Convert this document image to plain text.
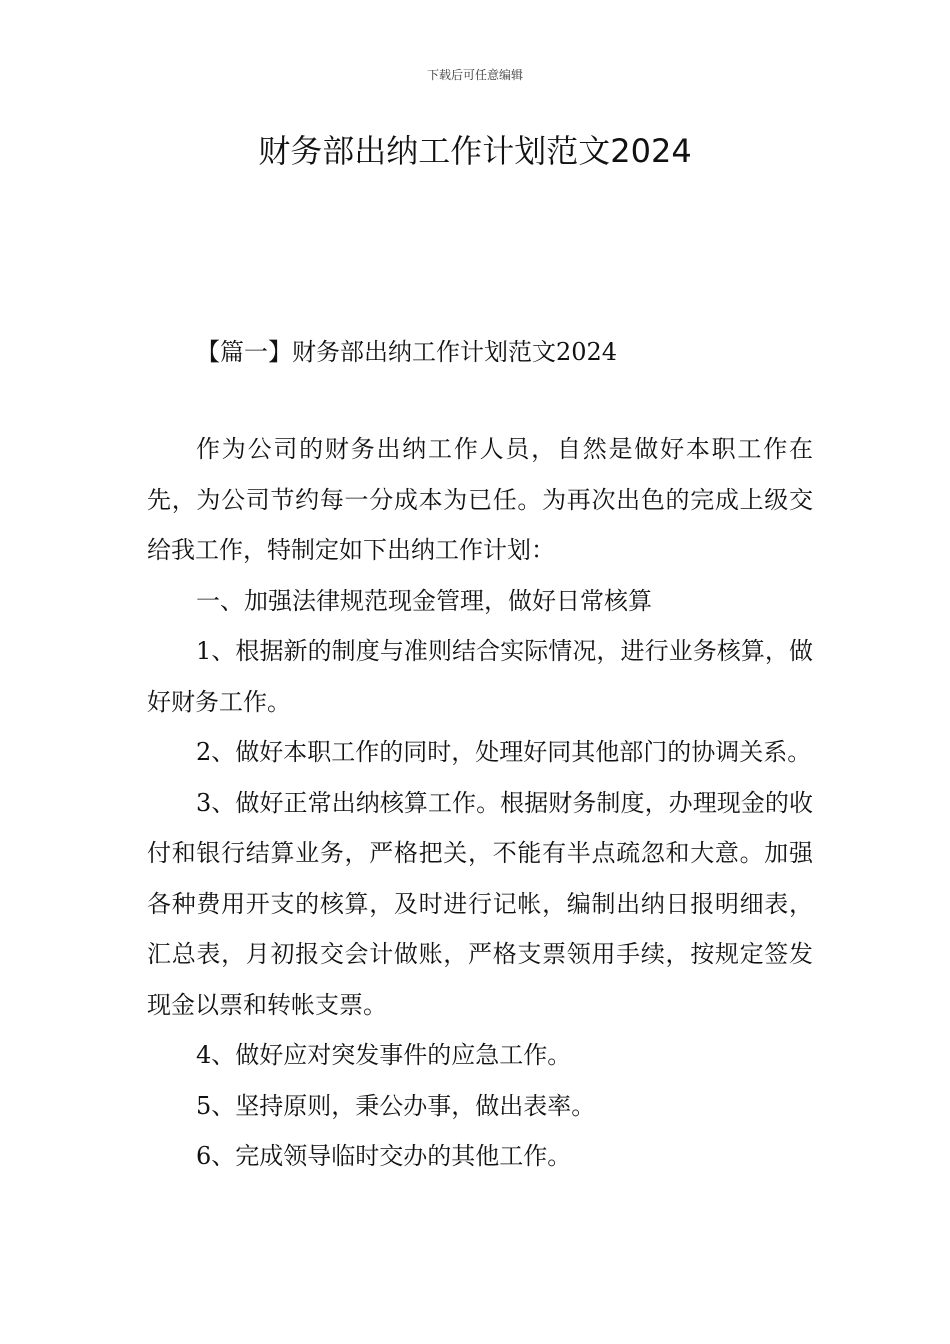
下载后可任意编辑
财务部出纳工作计划范文2024
【篇一】财务部出纳工作计划范文2024

作为公司的财务出纳工作人员，自然是做好本职工作在先，为公司节约每一分成本为已任。为再次出色的完成上级交给我工作，特制定如下出纳工作计划：

一、加强法律规范现金管理，做好日常核算

1、根据新的制度与准则结合实际情况，进行业务核算，做好财务工作。

2、做好本职工作的同时，处理好同其他部门的协调关系。

3、做好正常出纳核算工作。根据财务制度，办理现金的收付和银行结算业务，严格把关，不能有半点疏忽和大意。加强各种费用开支的核算，及时进行记帐，编制出纳日报明细表，汇总表，月初报交会计做账，严格支票领用手续，按规定签发现金以票和转帐支票。

4、做好应对突发事件的应急工作。

5、坚持原则，秉公办事，做出表率。

6、完成领导临时交办的其他工作。
